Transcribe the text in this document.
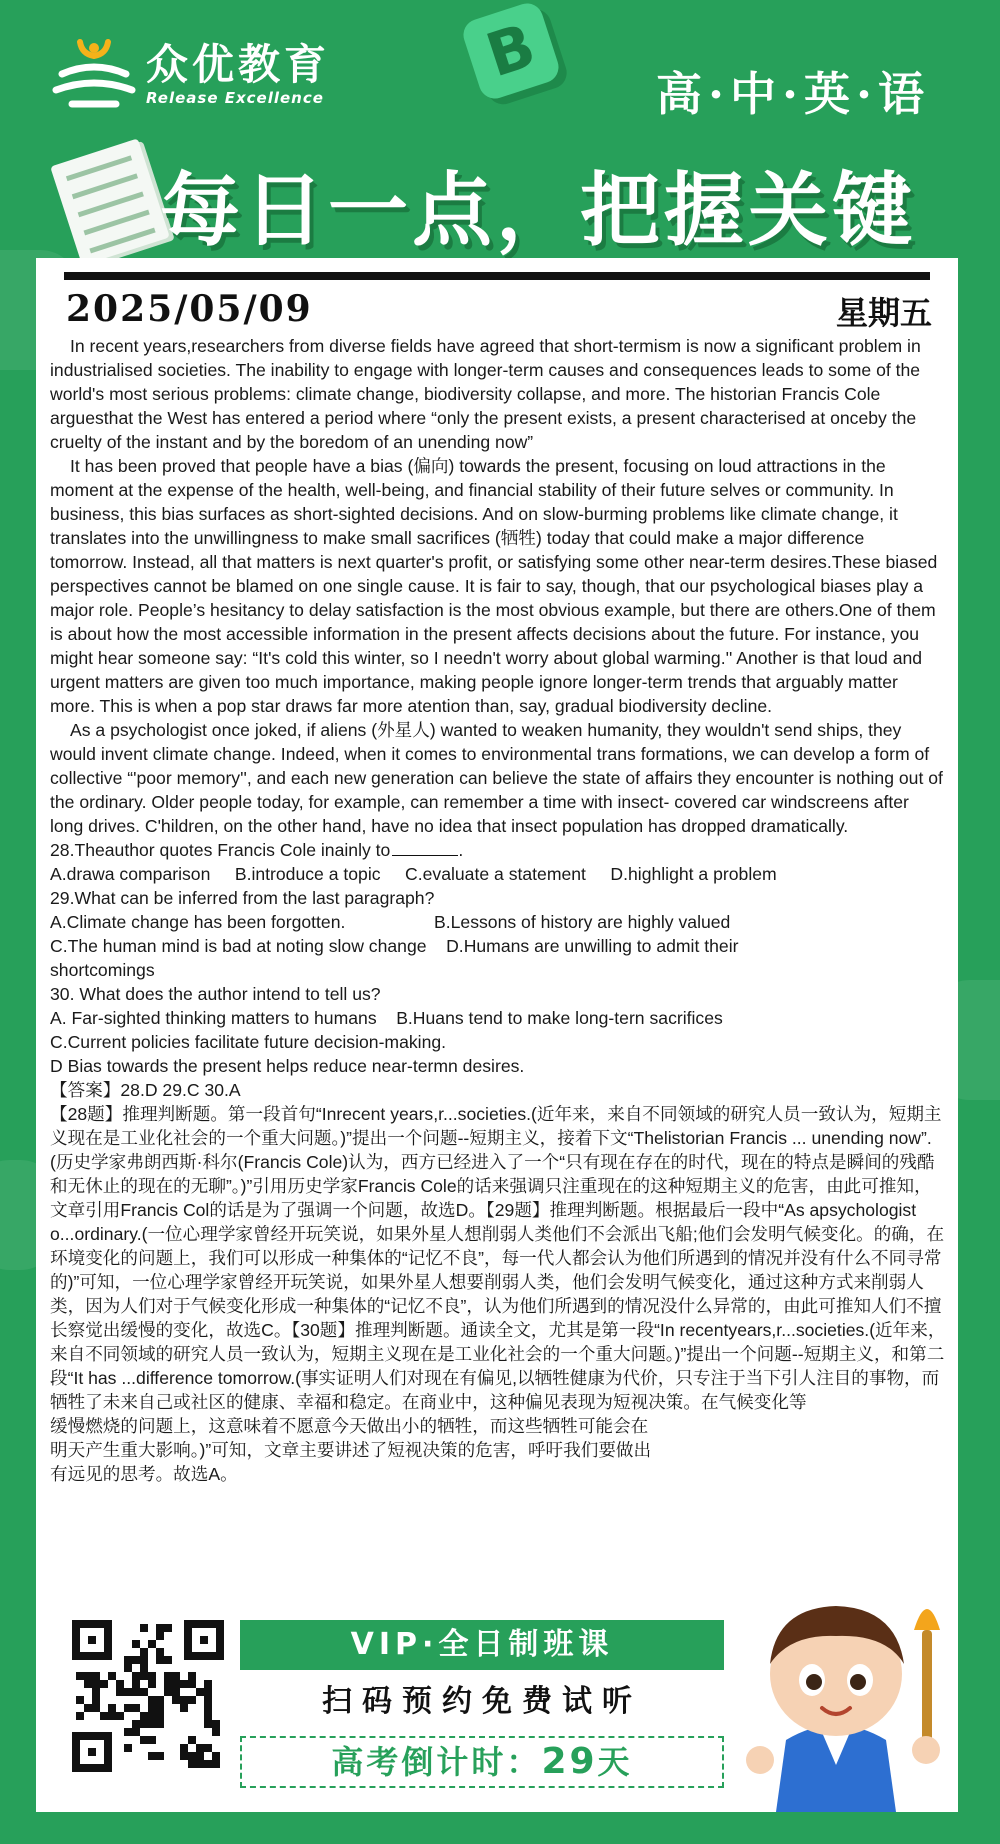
众优教育
Release Excellence
B
高·中·英·语
每日一点，把握关键
2025/05/09	星期五

In recent years,researchers from diverse fields have agreed that short-termism is now a significant problem in industrialised societies. The inability to engage with longer-term causes and consequences leads to some of the world's most serious problems: climate change, biodiversity collapse, and more. The historian Francis Cole arguesthat the West has entered a period where “only the present exists, a present characterised at onceby the cruelty of the instant and by the boredom of an unending now”

It has been proved that people have a bias (偏向) towards the present, focusing on loud attractions in the moment at the expense of the health, well-being, and financial stability of their future selves or community. In business, this bias surfaces as short-sighted decisions. And on slow-burming problems like climate change, it translates into the unwillingness to make small sacrifices (牺牲) today that could make a major difference tomorrow. Instead, all that matters is next quarter's profit, or satisfying some other near-term desires.These biased perspectives cannot be blamed on one single cause. It is fair to say, though, that our psychological biases play a major role. People’s hesitancy to delay satisfaction is the most obvious example, but there are others.One of them is about how the most accessible information in the present affects decisions about the future. For instance, you might hear someone say: “It's cold this winter, so I needn't worry about global warming.'' Another is that loud and urgent matters are given too much importance, making people ignore longer-term trends that arguably matter more. This is when a pop star draws far more atention than, say, gradual biodiversity decline.

As a psychologist once joked, if aliens (外星人) wanted to weaken humanity, they wouldn't send ships, they would invent climate change. Indeed, when it comes to environmental trans formations, we can develop a form of collective “'poor memory'', and each new generation can believe the state of affairs they encounter is nothing out of the ordinary. Older people today, for example, can remember a time with insect- covered car windscreens after long drives. C'hildren, on the other hand, have no idea that insect population has dropped dramatically.

28.Theauthor quotes Francis Cole inainly to	.

A.drawa comparison B.introduce a topic C.evaluate a statement D.highlight a problem

29.What can be inferred from the last paragraph?

A.Climate change has been forgotten.	B.Lessons of history are highly valued

C.The human mind is bad at noting slow change D.Humans are unwilling to admit their

shortcomings

30. What does the author intend to tell us?

A. Far-sighted thinking matters to humans B.Huans tend to make long-tern sacrifices

C.Current policies facilitate future decision-making.

D Bias towards the present helps reduce near-termn desires.

【答案】28.D 29.C 30.A

【28题】推理判断题。第一段首句“Inrecent years,r...societies.(近年来，来自不同领域的研究人员一致认为，短期主义现在是工业化社会的一个重大问题。)”提出一个问题--短期主义，接着下文“Thelistorian Francis ... unending now”.(历史学家弗朗西斯·科尔(Francis Cole)认为，西方已经进入了一个“只有现在存在的时代，现在的特点是瞬间的残酷和无休止的现在的无聊”。)”引用历史学家Francis Cole的话来强调只注重现在的这种短期主义的危害，由此可推知，文章引用Francis Col的话是为了强调一个问题，故选D。【29题】推理判断题。根据最后一段中“As apsychologist o...ordinary.(一位心理学家曾经开玩笑说，如果外星人想削弱人类他们不会派出飞船;他们会发明气候变化。的确，在环境变化的问题上，我们可以形成一种集体的“记忆不良”，每一代人都会认为他们所遇到的情况并没有什么不同寻常的)”可知，一位心理学家曾经开玩笑说，如果外星人想要削弱人类，他们会发明气候变化，通过这种方式来削弱人类，因为人们对于气候变化形成一种集体的“记忆不良”，认为他们所遇到的情况没什么异常的，由此可推知人们不擅长察觉出缓慢的变化，故选C。【30题】推理判断题。通读全文，尤其是第一段“In recentyears,r...societies.(近年来，来自不同领域的研究人员一致认为，短期主义现在是工业化社会的一个重大问题。)”提出一个问题--短期主义，和第二段“It has ...difference tomorrow.(事实证明人们对现在有偏见,以牺牲健康为代价，只专注于当下引人注目的事物，而牺牲了未来自己或社区的健康、幸福和稳定。在商业中，这种偏见表现为短视决策。在气候变化等

缓慢燃烧的问题上，这意味着不愿意今天做出小的牺牲，而这些牺牲可能会在

明天产生重大影响。)”可知，文章主要讲述了短视决策的危害，呼吁我们要做出

有远见的思考。故选A。

VIP·全日制班课
扫码预约免费试听
高考倒计时：29天
